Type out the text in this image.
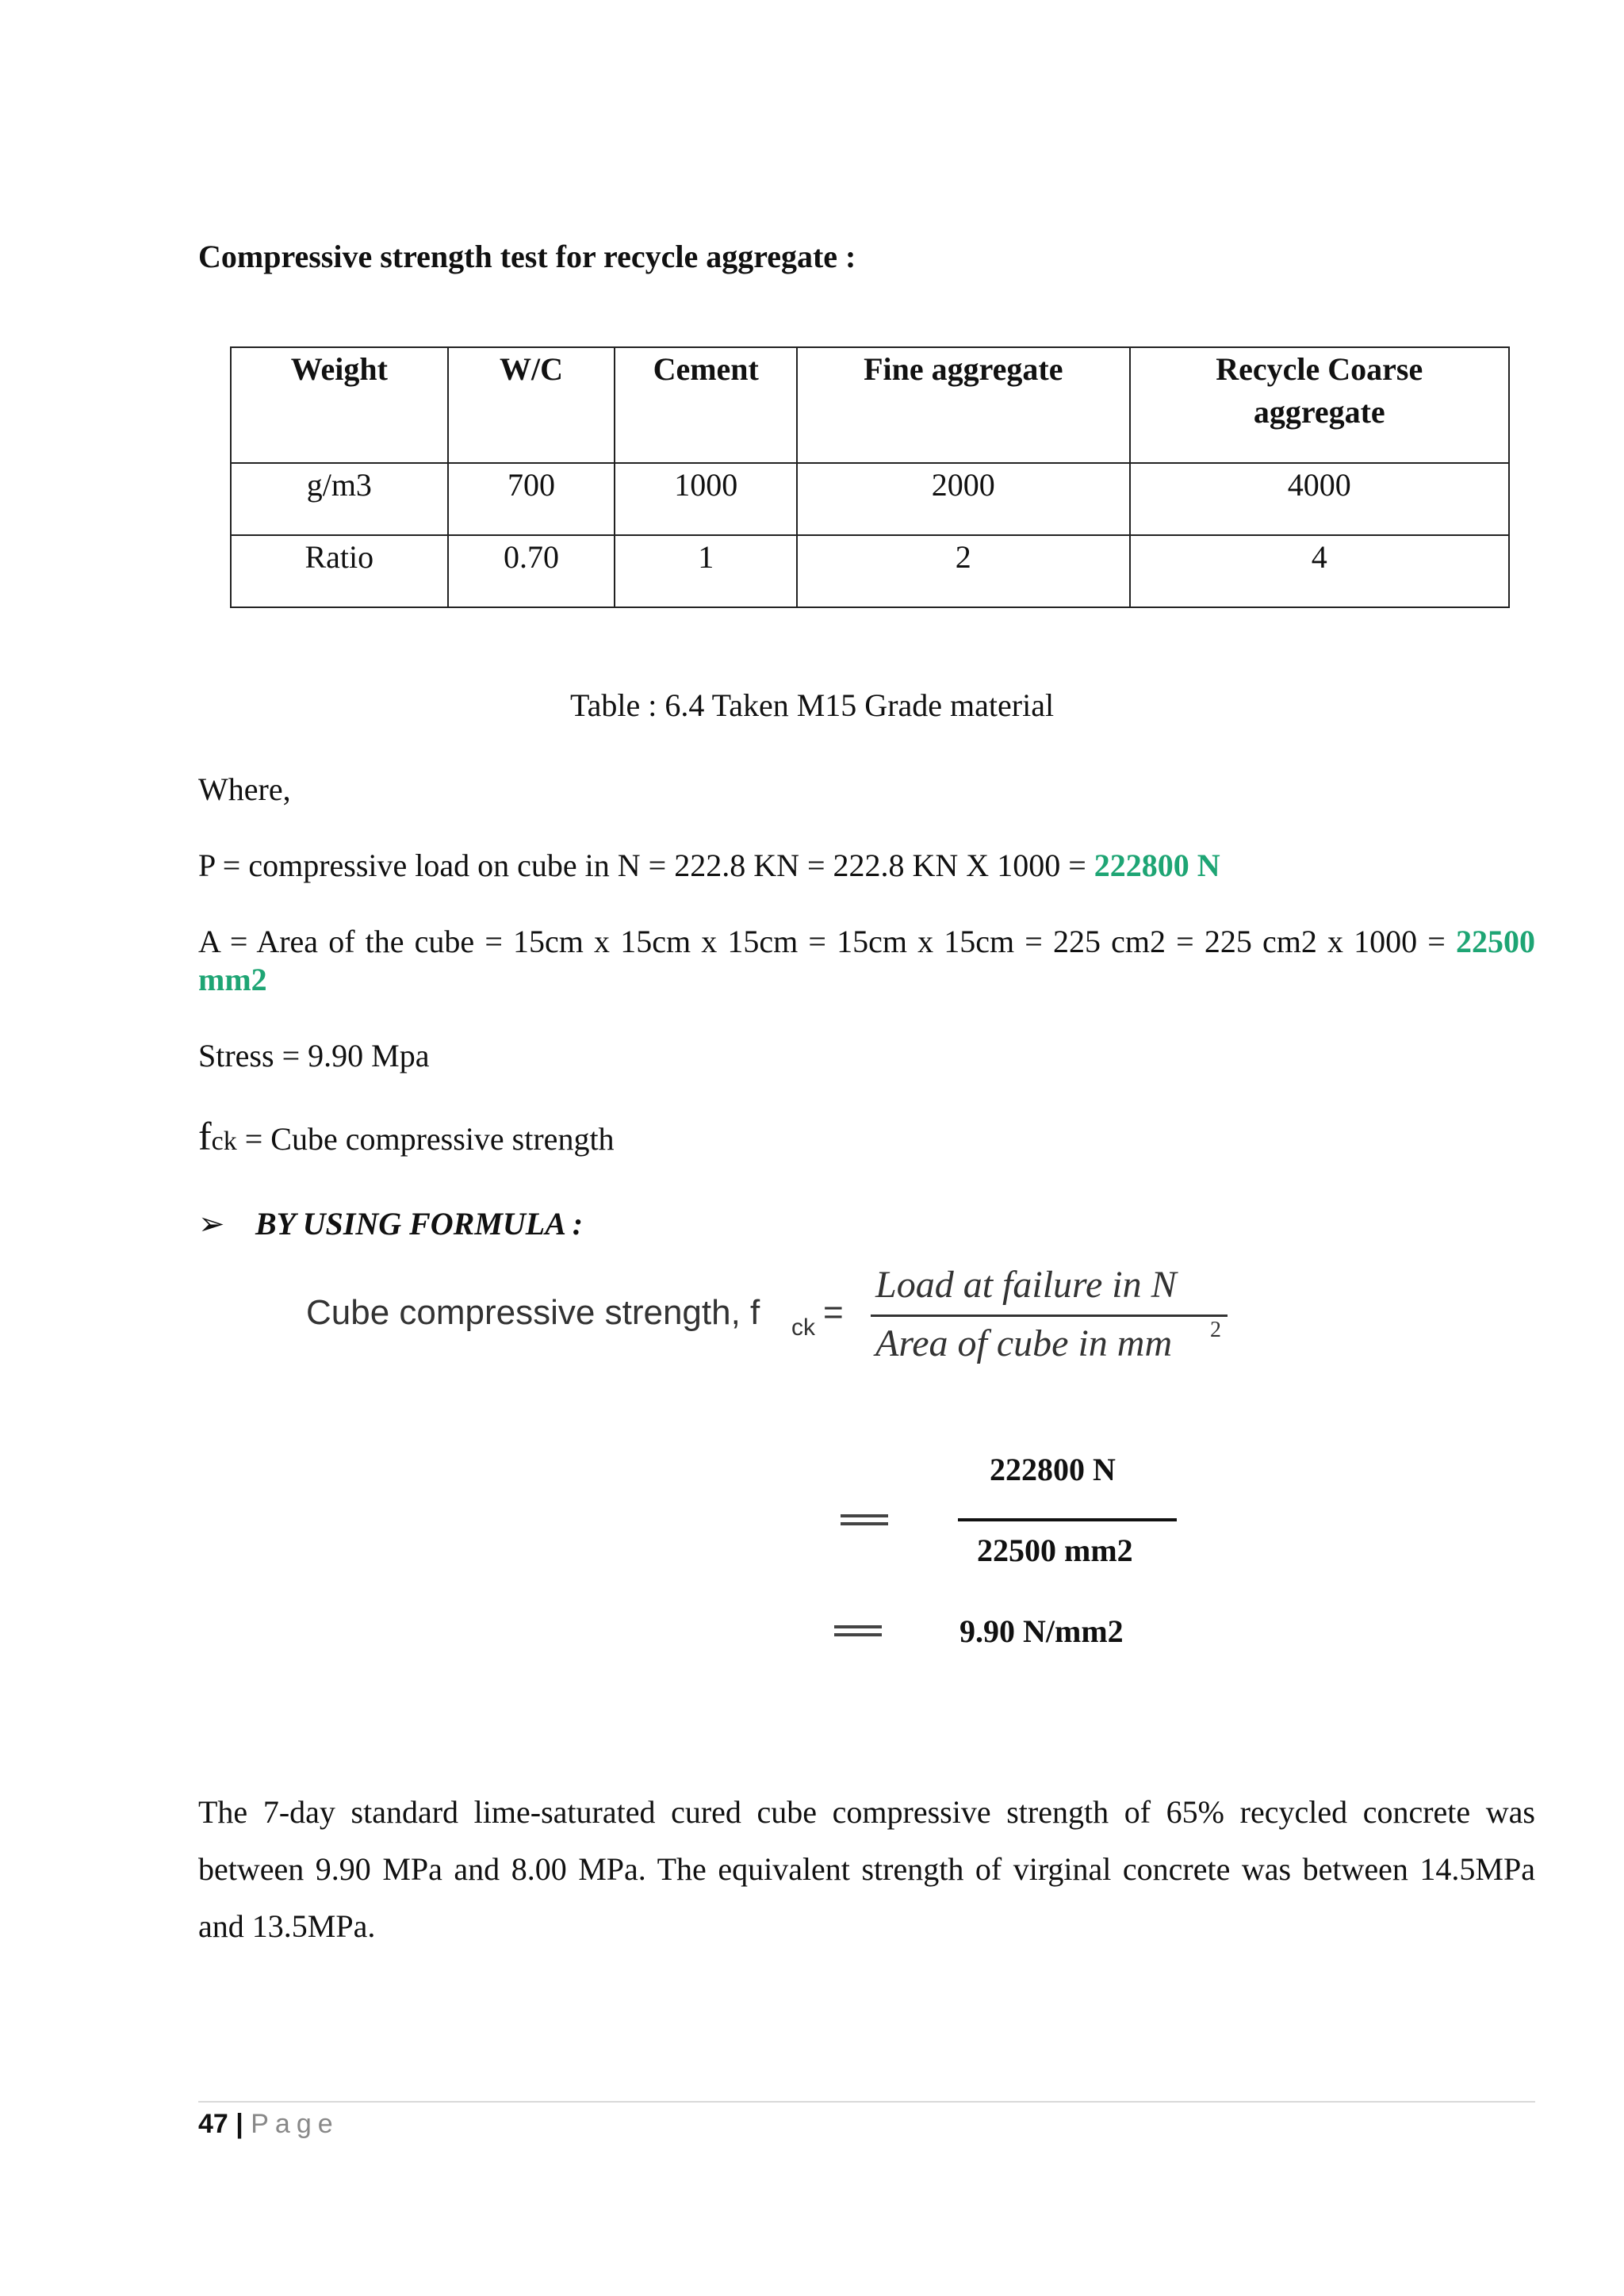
Compressive strength test for recycle aggregate :
Weight	W/C	Cement	Fine aggregate	Recycle Coarse aggregate

g/m3	700	1000	2000	4000

Ratio	0.70	1	2	4
Table : 6.4 Taken M15 Grade material
Where,
P = compressive load on cube in N = 222.8 KN = 222.8 KN X 1000 = 222800 N
A = Area of the cube = 15cm x 15cm x 15cm = 15cm x 15cm = 225 cm2 = 225 cm2 x 1000 = 22500 mm2
Stress = 9.90 Mpa
fck = Cube compressive strength
➢ BY USING FORMULA :
Cube compressive strength, f ck =
Load at failure in N
Area of cube in mm 2
222800 N
22500 mm2
9.90 N/mm2
The 7-day standard lime-saturated cured cube compressive strength of 65% recycled concrete was between 9.90 MPa and 8.00 MPa. The equivalent strength of virginal concrete was between 14.5MPa and 13.5MPa.
47 | Page
